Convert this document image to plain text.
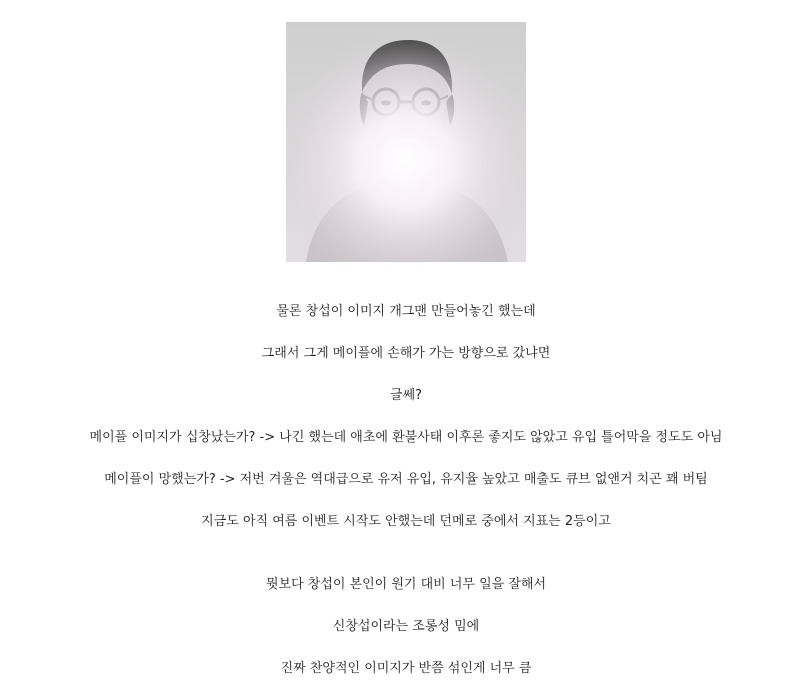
물론 창섭이 이미지 개그맨 만들어놓긴 했는데
그래서 그게 메이플에 손해가 가는 방향으로 갔냐면
글쎄?
메이플 이미지가 십창났는가? -> 나긴 했는데 애초에 환불사태 이후론 좋지도 않았고 유입 틀어막을 정도도 아님
메이플이 망했는가? -> 저번 겨울은 역대급으로 유저 유입, 유지율 높았고 매출도 큐브 없앤거 치곤 꽤 버팀
지금도 아직 여름 이벤트 시작도 안했는데 던메로 중에서 지표는 2등이고
뭣보다 창섭이 본인이 원기 대비 너무 일을 잘해서
신창섭이라는 조롱성 밈에
진짜 찬양적인 이미지가 반쯤 섞인게 너무 큼
